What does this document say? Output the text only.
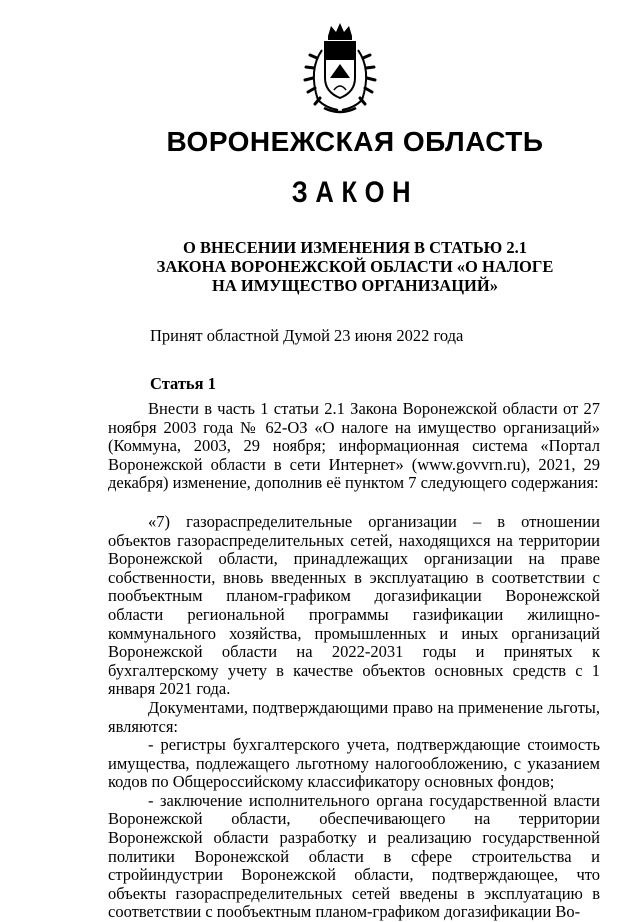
ВОРОНЕЖСКАЯ ОБЛАСТЬ
ЗАКОН
О ВНЕСЕНИИ ИЗМЕНЕНИЯ В СТАТЬЮ 2.1
ЗАКОНА ВОРОНЕЖСКОЙ ОБЛАСТИ «О НАЛОГЕ
НА ИМУЩЕСТВО ОРГАНИЗАЦИЙ»
Принят областной Думой 23 июня 2022 года
Статья 1

Внести в часть 1 статьи 2.1 Закона Воронежской области от 27 ноября 2003 года № 62-ОЗ «О налоге на имущество организаций» (Коммуна, 2003, 29 ноября; информационная система «Портал Воронежской области в сети Интернет» (www.govvrn.ru), 2021, 29 декабря) изменение, дополнив её пунктом 7 следующего содержания:

«7) газораспределительные организации – в отношении объектов газораспределительных сетей, находящихся на территории Воронежской области, принадлежащих организации на праве собственности, вновь введенных в эксплуатацию в соответствии с пообъектным планом-графиком догазификации Воронежской области региональной программы газификации жилищно-коммунального хозяйства, промышленных и иных организаций Воронежской области на 2022-2031 годы и принятых к бухгалтерскому учету в качестве объектов основных средств с 1 января 2021 года.

Документами, подтверждающими право на применение льготы, являются:

- регистры бухгалтерского учета, подтверждающие стоимость имущества, подлежащего льготному налогообложению, с указанием кодов по Общероссийскому классификатору основных фондов;

- заключение исполнительного органа государственной власти Воронежской области, обеспечивающего на территории Воронежской области разработку и реализацию государственной политики Воронежской области в сфере строительства и стройиндустрии Воронежской области, подтверждающее, что объекты газораспределительных сетей введены в эксплуатацию в соответствии с пообъектным планом-графиком догазификации Во-
